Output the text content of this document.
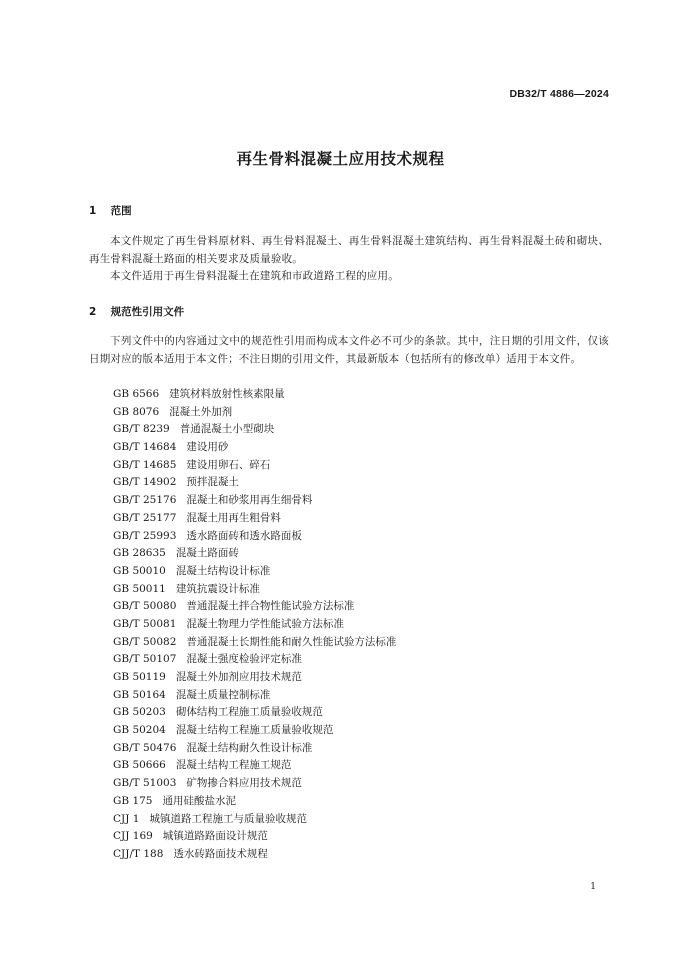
DB32/T 4886—2024
再生骨料混凝土应用技术规程
1 范围
本文件规定了再生骨料原材料、再生骨料混凝土、再生骨料混凝土建筑结构、再生骨料混凝土砖和砌块、再生骨料混凝土路面的相关要求及质量验收。
本文件适用于再生骨料混凝土在建筑和市政道路工程的应用。
2 规范性引用文件
下列文件中的内容通过文中的规范性引用而构成本文件必不可少的条款。其中，注日期的引用文件，仅该日期对应的版本适用于本文件；不注日期的引用文件，其最新版本（包括所有的修改单）适用于本文件。
GB 6566 建筑材料放射性核素限量
GB 8076 混凝土外加剂
GB/T 8239 普通混凝土小型砌块
GB/T 14684 建设用砂
GB/T 14685 建设用卵石、碎石
GB/T 14902 预拌混凝土
GB/T 25176 混凝土和砂浆用再生细骨料
GB/T 25177 混凝土用再生粗骨料
GB/T 25993 透水路面砖和透水路面板
GB 28635 混凝土路面砖
GB 50010 混凝土结构设计标准
GB 50011 建筑抗震设计标准
GB/T 50080 普通混凝土拌合物性能试验方法标准
GB/T 50081 混凝土物理力学性能试验方法标准
GB/T 50082 普通混凝土长期性能和耐久性能试验方法标准
GB/T 50107 混凝土强度检验评定标准
GB 50119 混凝土外加剂应用技术规范
GB 50164 混凝土质量控制标准
GB 50203 砌体结构工程施工质量验收规范
GB 50204 混凝土结构工程施工质量验收规范
GB/T 50476 混凝土结构耐久性设计标准
GB 50666 混凝土结构工程施工规范
GB/T 51003 矿物掺合料应用技术规范
GB 175 通用硅酸盐水泥
CJJ 1 城镇道路工程施工与质量验收规范
CJJ 169 城镇道路路面设计规范
CJJ/T 188 透水砖路面技术规程
1
